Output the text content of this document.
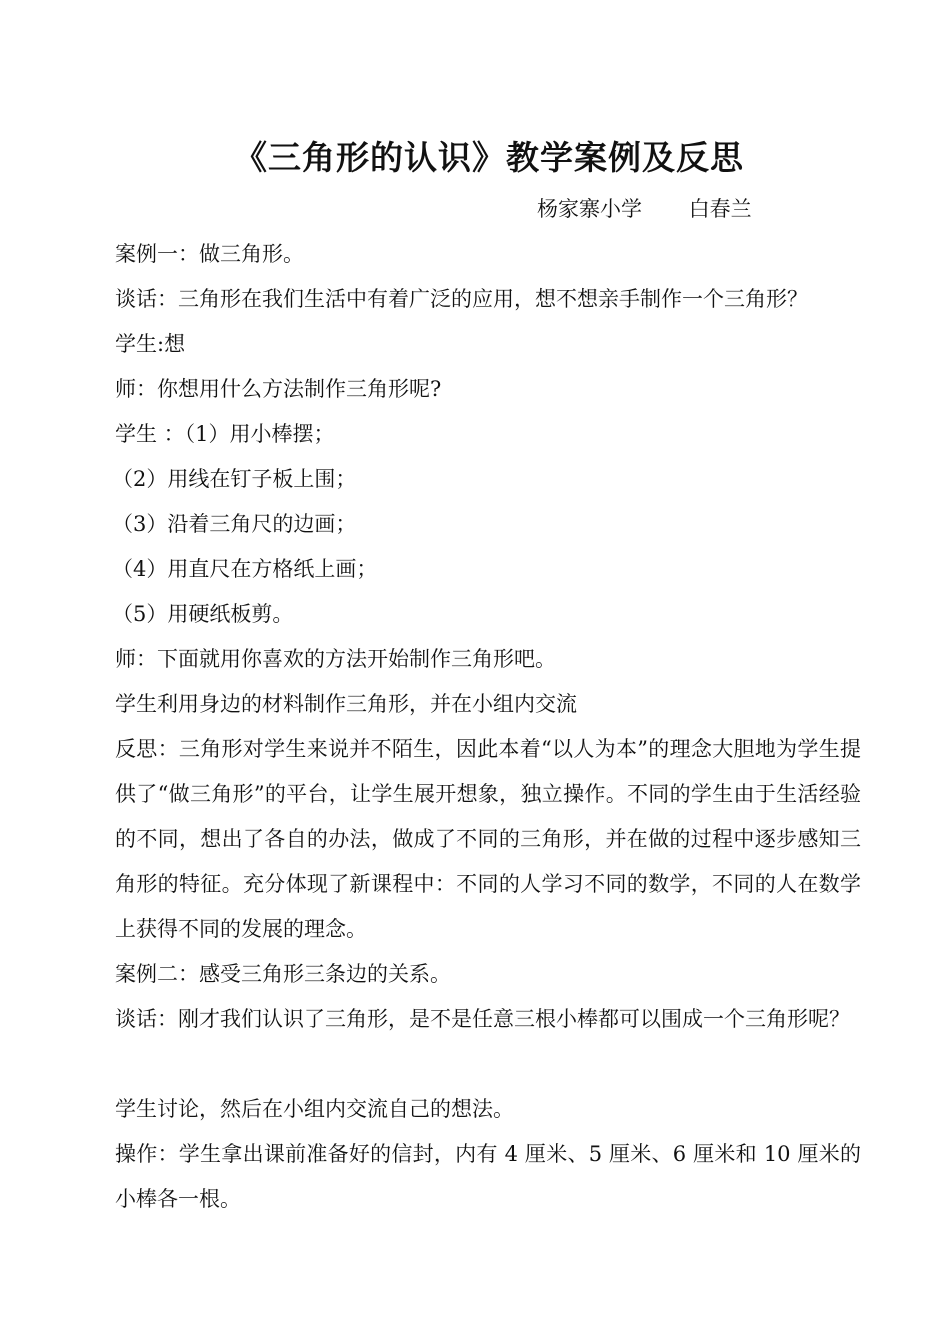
《三角形的认识》教学案例及反思
杨家寨小学 白春兰
案例一：做三角形。
谈话：三角形在我们生活中有着广泛的应用，想不想亲手制作一个三角形？
学生:想
师：你想用什么方法制作三角形呢?
学生 ：（1）用小棒摆；
（2）用线在钉子板上围；
（3）沿着三角尺的边画；
（4）用直尺在方格纸上画；
（5）用硬纸板剪。
师：下面就用你喜欢的方法开始制作三角形吧。
学生利用身边的材料制作三角形，并在小组内交流
反思：三角形对学生来说并不陌生，因此本着“以人为本”的理念大胆地为学生提供了“做三角形”的平台，让学生展开想象，独立操作。不同的学生由于生活经验的不同，想出了各自的办法，做成了不同的三角形，并在做的过程中逐步感知三角形的特征。充分体现了新课程中：不同的人学习不同的数学，不同的人在数学上获得不同的发展的理念。
案例二：感受三角形三条边的关系。
谈话：刚才我们认识了三角形，是不是任意三根小棒都可以围成一个三角形呢？
学生讨论，然后在小组内交流自己的想法。
操作：学生拿出课前准备好的信封，内有 4 厘米、5 厘米、6 厘米和 10 厘米的小棒各一根。
